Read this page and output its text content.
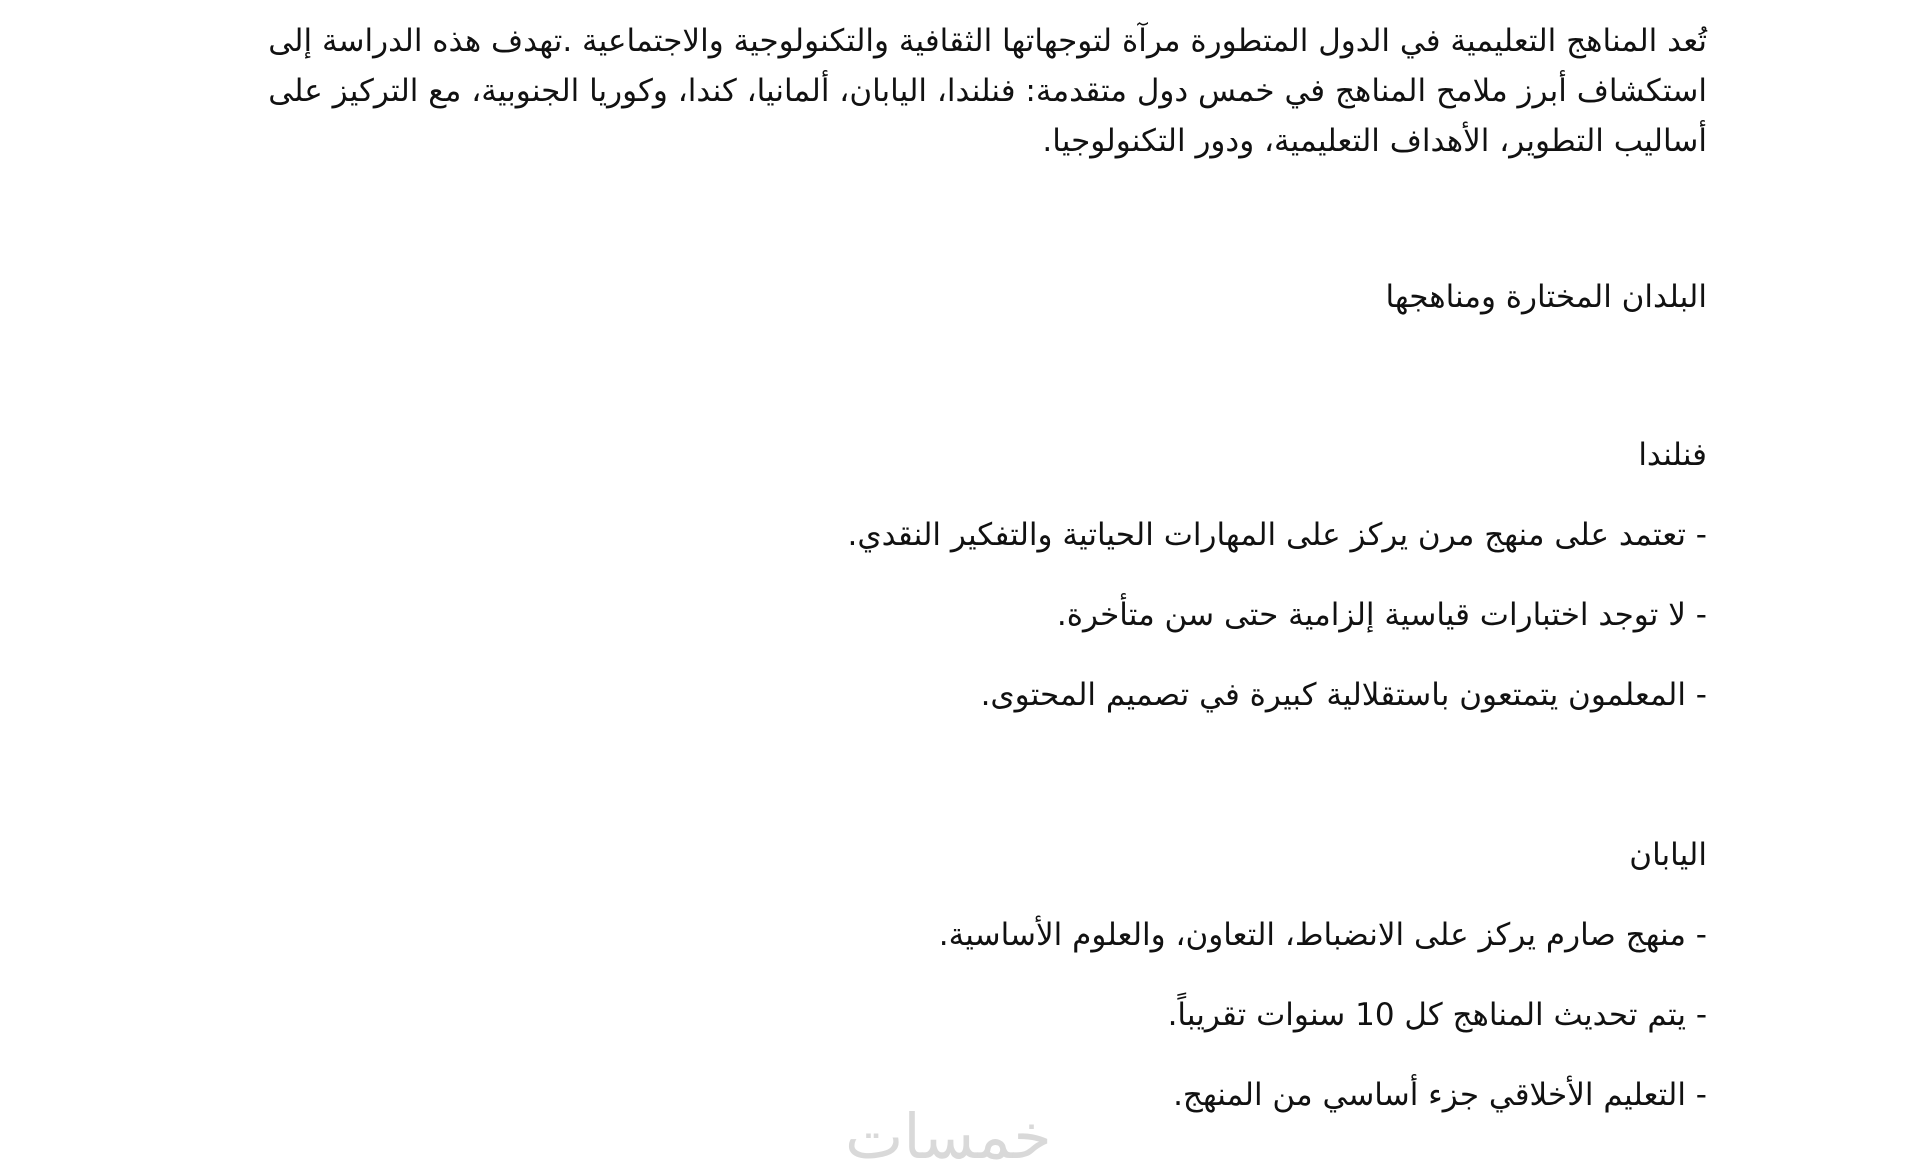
تُعد المناهج التعليمية في الدول المتطورة مرآة لتوجهاتها الثقافية والتكنولوجية والاجتماعية .تهدف هذه الدراسة إلى استكشاف أبرز ملامح المناهج في خمس دول متقدمة: فنلندا، اليابان، ألمانيا، كندا، وكوريا الجنوبية، مع التركيز على أساليب التطوير، الأهداف التعليمية، ودور التكنولوجيا.

البلدان المختارة ومناهجها
فنلندا

- تعتمد على منهج مرن يركز على المهارات الحياتية والتفكير النقدي.

- لا توجد اختبارات قياسية إلزامية حتى سن متأخرة.

- المعلمون يتمتعون باستقلالية كبيرة في تصميم المحتوى.

اليابان

- منهج صارم يركز على الانضباط، التعاون، والعلوم الأساسية.

- يتم تحديث المناهج كل 10 سنوات تقريباً.

- التعليم الأخلاقي جزء أساسي من المنهج.

خمسات
